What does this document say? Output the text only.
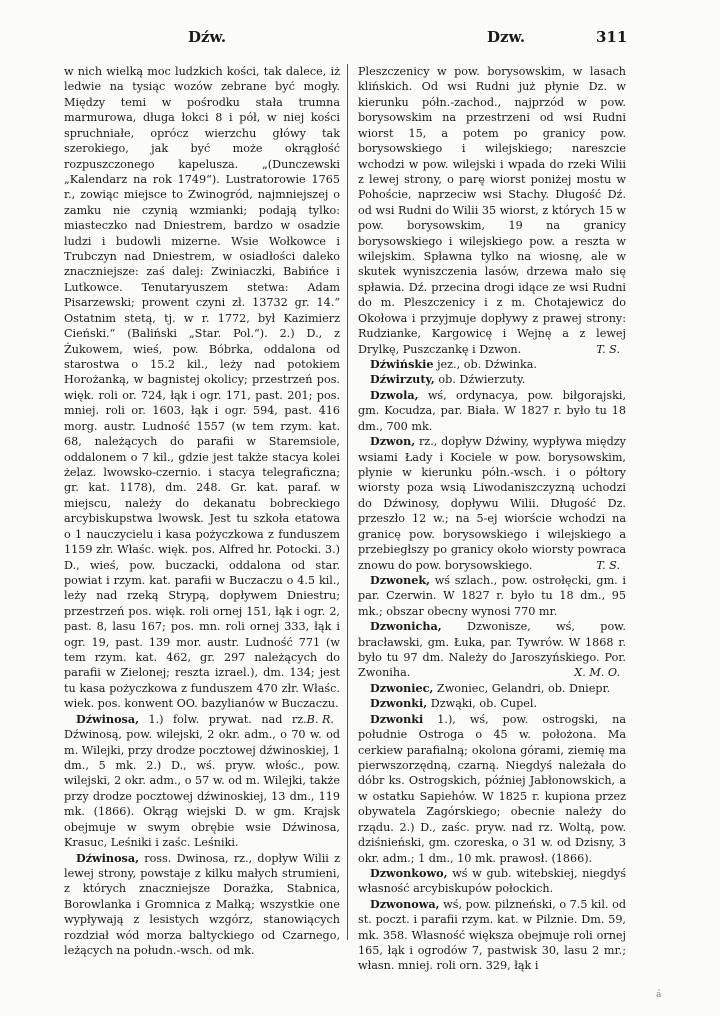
Dźw.	Dzw.	311

w nich wielką moc ludzkich kości, tak dalece, iż ledwie na tysiąc wozów zebrane być mogły. Między temi w pośrodku stała trumna marmurowa, długa łokci 8 i pół, w niej kości spruchniałe, oprócz wierzchu główy tak szerokiego, jak być może okrągłość rozpuszczonego kapelusza. „(Dunczewski „Kalendarz na rok 1749“). Lustratorowie 1765 r., zowiąc miejsce to Zwinogród, najmniejszej o zamku nie czynią wzmianki; podają tylko: miasteczko nad Dniestrem, bardzo w osadzie ludzi i budowli mizerne. Wsie Wołkowce i Trubczyn nad Dniestrem, w osiadłości daleko znaczniejsze: zaś dalej: Zwiniaczki, Babińce i Lutkowce. Tenutaryuszem stetwa: Adam Pisarzewski; prowent czyni zł. 13732 gr. 14.“ Ostatnim stetą, tj. w r. 1772, był Kazimierz Cieński.“ (Baliński „Star. Pol.“). 2.) D., z Żukowem, wieś, pow. Bóbrka, oddalona od starostwa o 15.2 kil., leży nad potokiem Horożanką, w bagnistej okolicy; przestrzeń pos. więk. roli or. 724, łąk i ogr. 171, past. 201; pos. mniej. roli or. 1603, łąk i ogr. 594, past. 416 morg. austr. Ludność 1557 (w tem rzym. kat. 68, należących do parafii w Staremsiole, oddalonem o 7 kil., gdzie jest także stacya kolei żelaz. lwowsko-czernio. i stacya telegraficzna; gr. kat. 1178), dm. 248. Gr. kat. paraf. w miejscu, należy do dekanatu bobreckiego arcybiskupstwa lwowsk. Jest tu szkoła etatowa o 1 nauczycielu i kasa pożyczkowa z funduszem 1159 złr. Właśc. więk. pos. Alfred hr. Potocki. 3.) D., wieś, pow. buczacki, oddalona od star. powiat i rzym. kat. parafii w Buczaczu o 4.5 kil., leży nad rzeką Strypą, dopływem Dniestru; przestrzeń pos. więk. roli ornej 151, łąk i ogr. 2, past. 8, lasu 167; pos. mn. roli ornej 333, łąk i ogr. 19, past. 139 mor. austr. Ludność 771 (w tem rzym. kat. 462, gr. 297 należących do parafii w Zielonej; reszta izrael.), dm. 134; jest tu kasa pożyczkowa z funduszem 470 złr. Właśc. wiek. pos. konwent OO. bazylianów w Buczaczu.
B. R.

Dźwinosa, 1.) folw. prywat. nad rz. Dźwinosą, pow. wilejski, 2 okr. adm., o 70 w. od m. Wilejki, przy drodze pocztowej dźwinoskiej, 1 dm., 5 mk. 2.) D., wś. pryw. włośc., pow. wilejski, 2 okr. adm., o 57 w. od m. Wilejki, także przy drodze pocztowej dźwinoskiej, 13 dm., 119 mk. (1866). Okrąg wiejski D. w gm. Krajsk obejmuje w swym obrębie wsie Dźwinosa, Krasuc, Leśniki i zaśc. Leśniki.

Dźwinosa, ross. Dwinosa, rz., dopływ Wilii z lewej strony, powstaje z kilku małych strumieni, z których znaczniejsze Dorażka, Stabnica, Borowlanka i Gromnica z Małką; wszystkie one wypływają z lesistych wzgórz, stanowiących rozdział wód morza baltyckiego od Czarnego, leżących na połudn.-wsch. od mk.

Pleszczenicy w pow. borysowskim, w lasach klińskich. Od wsi Rudni już płynie Dz. w kierunku półn.-zachod., najprzód w pow. borysowskim na przestrzeni od wsi Rudni wiorst 15, a potem po granicy pow. borysowskiego i wilejskiego; nareszcie wchodzi w pow. wilejski i wpada do rzeki Wilii z lewej strony, o parę wiorst poniżej mostu w Pohoście, naprzeciw wsi Stachy. Długość Dź. od wsi Rudni do Wilii 35 wiorst, z których 15 w pow. borysowskim, 19 na granicy borysowskiego i wilejskiego pow. a reszta w wilejskim. Spławna tylko na wiosnę, ale w skutek wyniszczenia lasów, drzewa mało się spławia. Dź. przecina drogi idące ze wsi Rudni do m. Pleszczenicy i z m. Chotajewicz do Okołowa i przyjmuje dopływy z prawej strony: Rudzianke, Kargowicę i Wejnę a z lewej Drylkę, Puszczankę i Dzwon.	T. S.

Dźwińskie jez., ob. Dźwinka.

Dźwirzuty, ob. Dźwierzuty.

Dzwola, wś, ordynacya, pow. biłgorajski, gm. Kocudza, par. Biała. W 1827 r. było tu 18 dm., 700 mk.

Dzwon, rz., dopływ Dźwiny, wypływa między wsiami Łady i Kociele w pow. borysowskim, płynie w kierunku półn.-wsch. i o półtory wiorsty poza wsią Liwodaniszczyzną uchodzi do Dźwinosy, dopływu Wilii. Długość Dz. przeszło 12 w.; na 5-ej wiorście wchodzi na granicę pow. borysowskiego i wilejskiego a przebiegłszy po granicy około wiorsty powraca znowu do pow. borysowskiego.	T. S.

Dzwonek, wś szlach., pow. ostrołęcki, gm. i par. Czerwin. W 1827 r. było tu 18 dm., 95 mk.; obszar obecny wynosi 770 mr.

Dzwonicha, Dzwonisze, wś, pow. bracławski, gm. Łuka, par. Tywrów. W 1868 r. było tu 97 dm. Należy do Jaroszyńskiego. Por. Zwoniha.	X. M. O.

Dzwoniec, Zwoniec, Gelandri, ob. Dniepr.

Dzwonki, Dzwąki, ob. Cupel.

Dzwonki 1.), wś, pow. ostrogski, na południe Ostroga o 45 w. położona. Ma cerkiew parafialną; okolona górami, ziemię ma pierwszorzędną, czarną. Niegdyś należała do dóbr ks. Ostrogskich, później Jabłonowskich, a w ostatku Sapiehów. W 1825 r. kupiona przez obywatela Zagórskiego; obecnie należy do rządu. 2.) D., zaśc. pryw. nad rz. Woltą, pow. dziśnieński, gm. czoreska, o 31 w. od Dzisny, 3 okr. adm.; 1 dm., 10 mk. prawosł. (1866).

Dzwonkowo, wś w gub. witebskiej, niegdyś własność arcybiskupów połockich.

Dzwonowa, wś, pow. pilzneński, o 7.5 kil. od st. poczt. i parafii rzym. kat. w Pilznie. Dm. 59, mk. 358. Własność większa obejmuje roli ornej 165, łąk i ogrodów 7, pastwisk 30, lasu 2 mr.; własn. mniej. roli orn. 329, łąk i

á
